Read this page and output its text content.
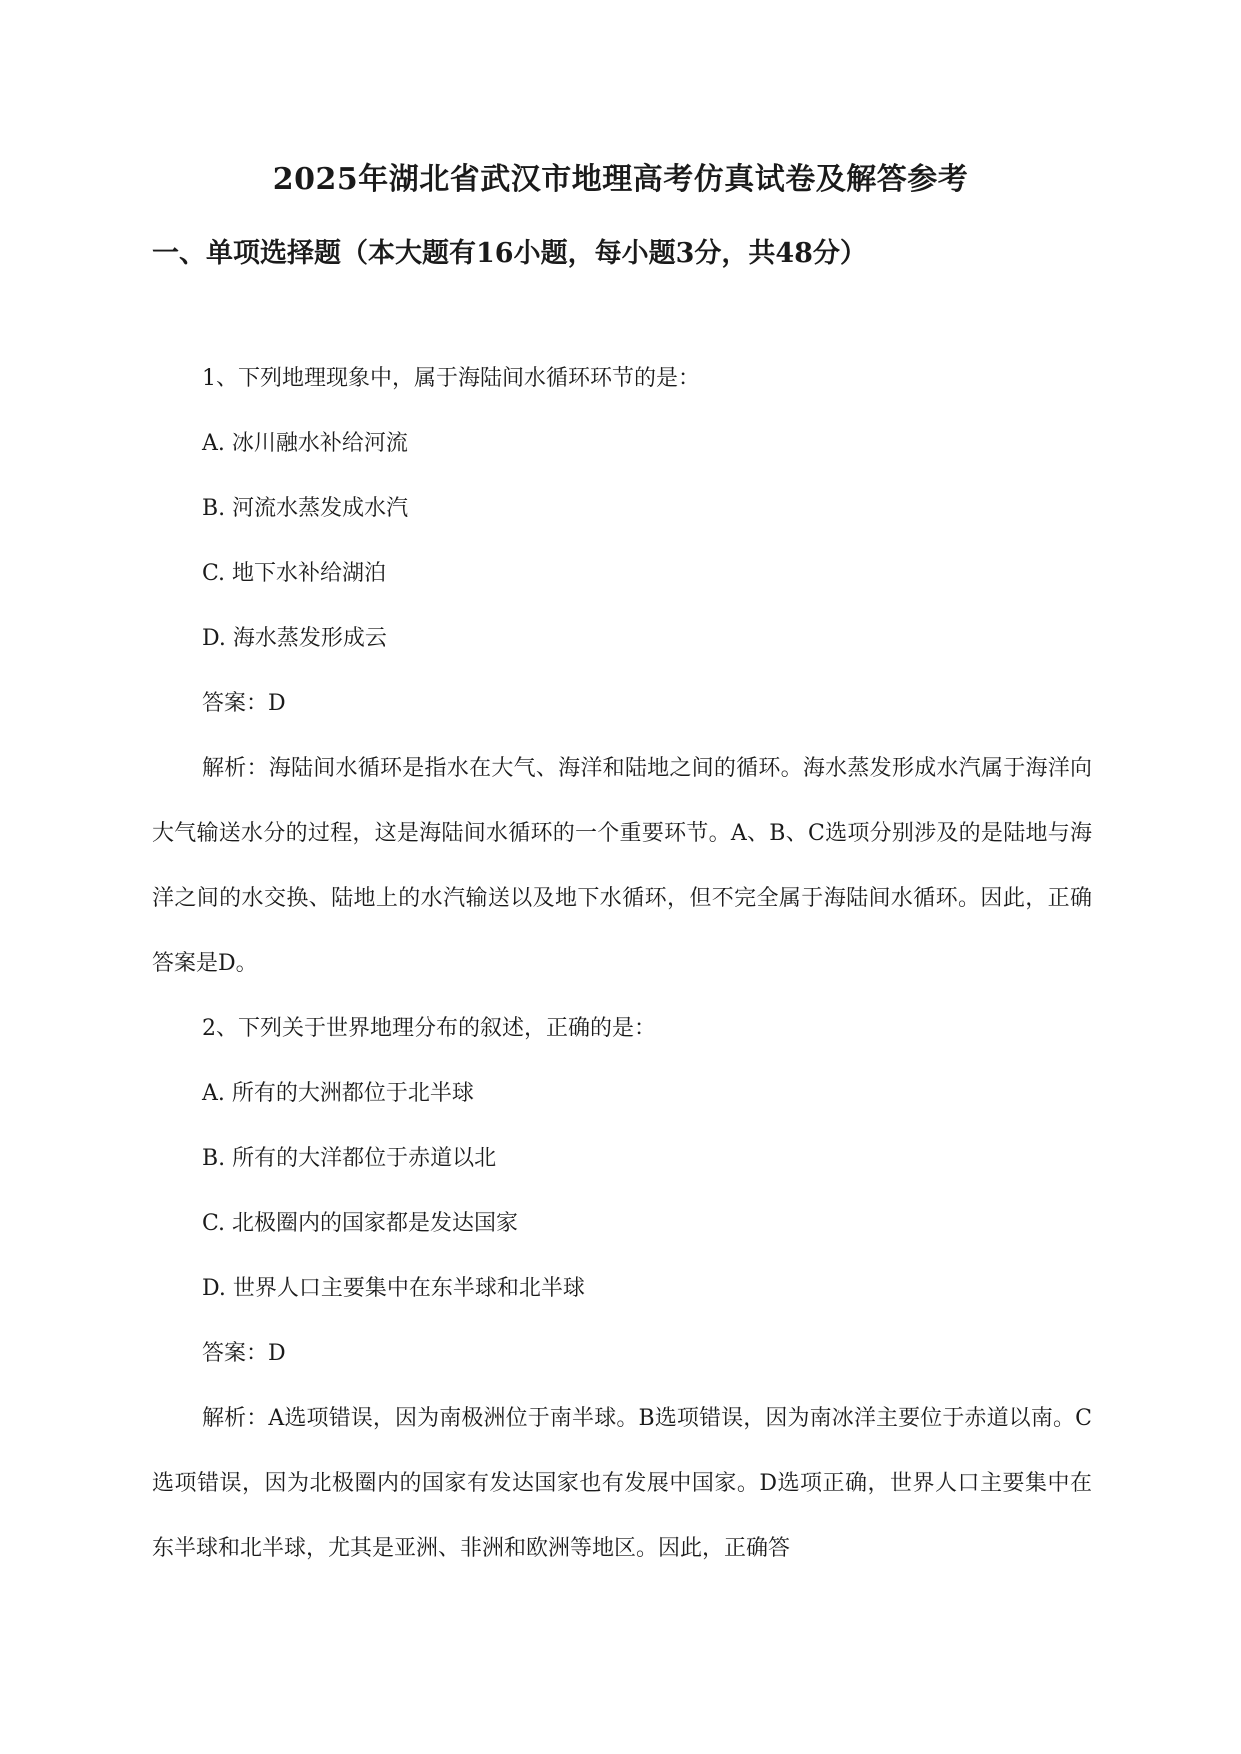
2025年湖北省武汉市地理高考仿真试卷及解答参考
一、单项选择题（本大题有16小题，每小题3分，共48分）

1、下列地理现象中，属于海陆间水循环环节的是：

A. 冰川融水补给河流

B. 河流水蒸发成水汽

C. 地下水补给湖泊

D. 海水蒸发形成云

答案：D

解析：海陆间水循环是指水在大气、海洋和陆地之间的循环。海水蒸发形成水汽属于海洋向大气输送水分的过程，这是海陆间水循环的一个重要环节。A、B、C选项分别涉及的是陆地与海洋之间的水交换、陆地上的水汽输送以及地下水循环，但不完全属于海陆间水循环。因此，正确答案是D。

2、下列关于世界地理分布的叙述，正确的是：

A. 所有的大洲都位于北半球

B. 所有的大洋都位于赤道以北

C. 北极圈内的国家都是发达国家

D. 世界人口主要集中在东半球和北半球

答案：D

解析：A选项错误，因为南极洲位于南半球。B选项错误，因为南冰洋主要位于赤道以南。C选项错误，因为北极圈内的国家有发达国家也有发展中国家。D选项正确，世界人口主要集中在东半球和北半球，尤其是亚洲、非洲和欧洲等地区。因此，正确答
